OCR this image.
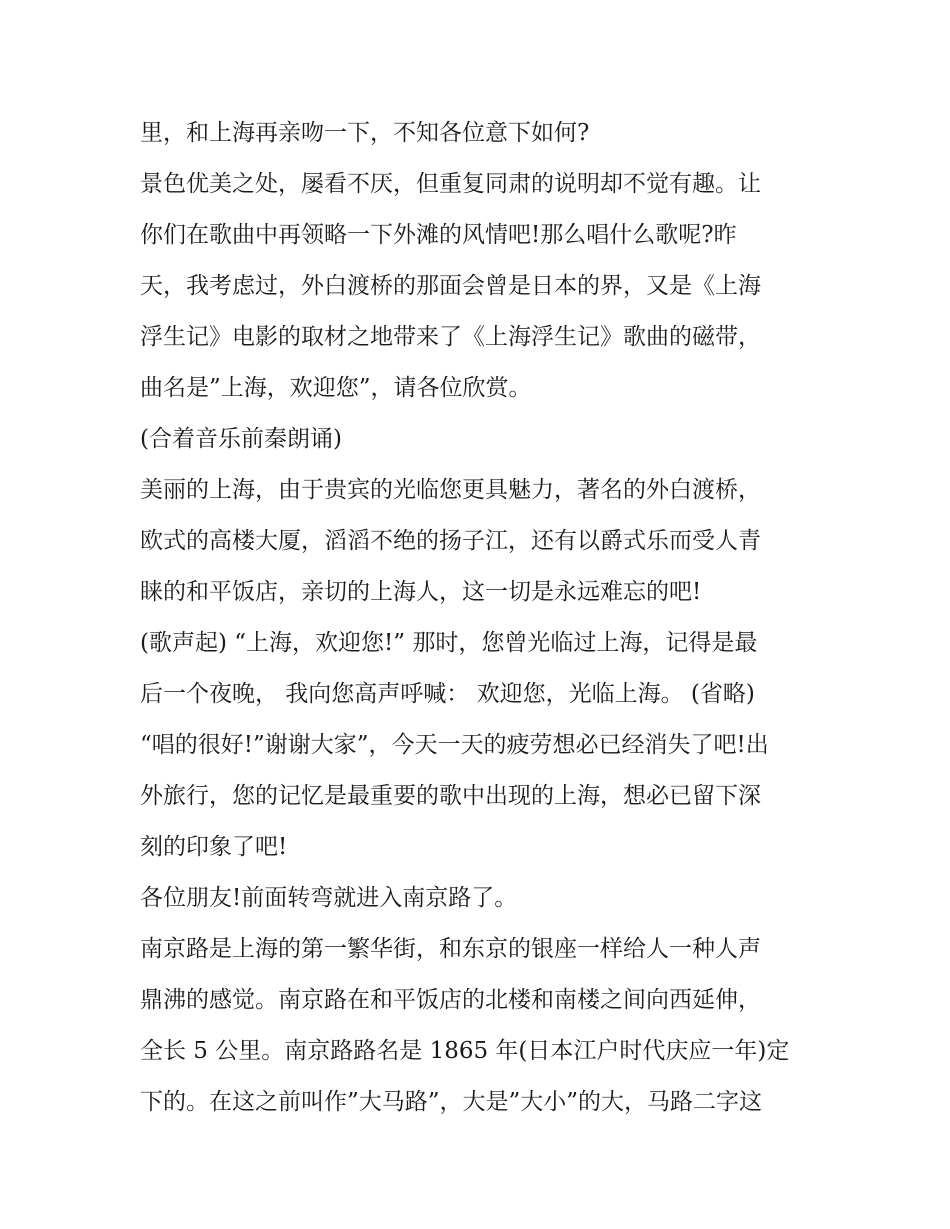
里，和上海再亲吻一下，不知各位意下如何?
景色优美之处，屡看不厌，但重复同肃的说明却不觉有趣。让
你们在歌曲中再领略一下外滩的风情吧!那么唱什么歌呢?昨
天，我考虑过，外白渡桥的那面会曾是日本的界，又是《上海
浮生记》电影的取材之地带来了《上海浮生记》歌曲的磁带，
曲名是”上海，欢迎您”，请各位欣赏。
(合着音乐前秦朗诵)
美丽的上海，由于贵宾的光临您更具魅力，著名的外白渡桥，
欧式的高楼大厦，滔滔不绝的扬子江，还有以爵式乐而受人青
睐的和平饭店，亲切的上海人，这一切是永远难忘的吧!
(歌声起) “上海，欢迎您!” 那时，您曾光临过上海，记得是最
后一个夜晚， 我向您高声呼喊： 欢迎您，光临上海。 (省略)
“唱的很好!”谢谢大家”，今天一天的疲劳想必已经消失了吧!出
外旅行，您的记忆是最重要的歌中出现的上海，想必已留下深
刻的印象了吧!
各位朋友!前面转弯就进入南京路了。
南京路是上海的第一繁华街，和东京的银座一样给人一种人声
鼎沸的感觉。南京路在和平饭店的北楼和南楼之间向西延伸，
全长 5 公里。南京路路名是 1865 年(日本江户时代庆应一年)定
下的。在这之前叫作”大马路”，大是”大小”的大，马路二字这
